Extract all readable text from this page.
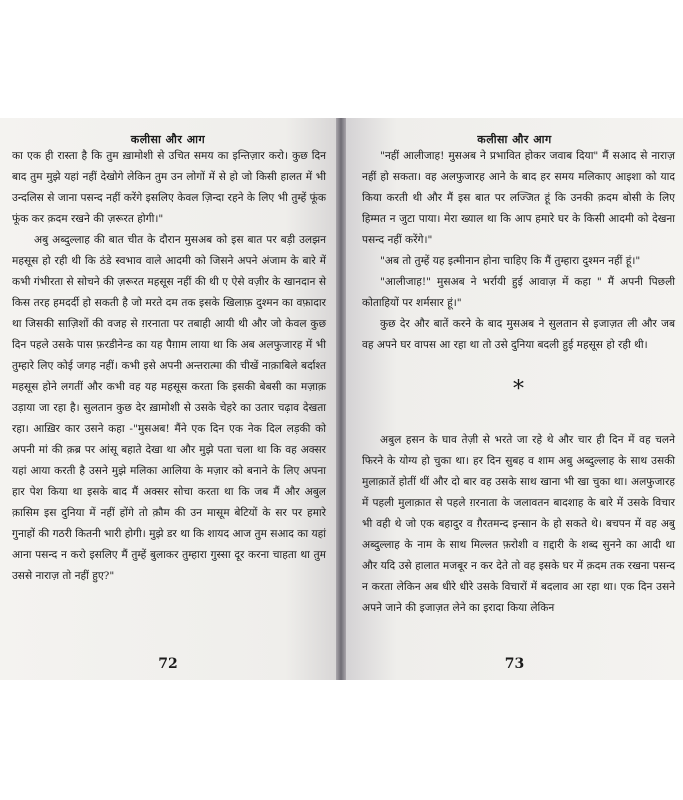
कलीसा और आग

का एक ही रास्ता है कि तुम ख़ामोशी से उचित समय का इन्तिज़ार करो। कुछ दिन बाद तुम मुझे यहां नहीं देखोगे लेकिन तुम उन लोगों में से हो जो किसी हालत में भी उन्दलिस से जाना पसन्द नहीं करेंगे इसलिए केवल ज़िन्दा रहने के लिए भी तुम्हें फूंक फूंक कर क़दम रखने की ज़रूरत होगी।"

अबु अब्दुल्लाह की बात चीत के दौरान मुसअब को इस बात पर बड़ी उलझन महसूस हो रही थी कि ठंडे स्वभाव वाले आदमी को जिसने अपने अंजाम के बारे में कभी गंभीरता से सोचने की ज़रूरत महसूस नहीं की थी ए ऐसे वज़ीर के खानदान से किस तरह हमदर्दी हो सकती है जो मरते दम तक इसके खिलाफ़ दुश्मन का वफ़ादार था जिसकी साज़िशों की वजह से ग़रनाता पर तबाही आयी थी और जो केवल कुछ दिन पहले उसके पास फ़रडीनेन्ड का यह पैग़ाम लाया था कि अब अलफुजारह में भी तुम्हारे लिए कोई जगह नहीं। कभी इसे अपनी अन्तरात्मा की चीखें नाक़ाबिले बर्दाश्त महसूस होने लगतीं और कभी वह यह महसूस करता कि इसकी बेबसी का मज़ाक़ उड़ाया जा रहा है। सुलतान कुछ देर ख़ामोशी से उसके चेहरे का उतार चढ़ाव देखता रहा। आख़िर कार उसने कहा -"मुसअब! मैंने एक दिन एक नेक दिल लड़की को अपनी मां की क़ब्र पर आंसू बहाते देखा था और मुझे पता चला था कि वह अक्सर यहां आया करती है उसने मुझे मलिका आलिया के मज़ार को बनाने के लिए अपना हार पेश किया था इसके बाद मैं अक्सर सोचा करता था कि जब मैं और अबुल क़ासिम इस दुनिया में नहीं होंगे तो क़ौम की उन मासूम बेटियों के सर पर हमारे गुनाहों की गठरी कितनी भारी होगी। मुझे डर था कि शायद आज तुम सआद का यहां आना पसन्द न करो इसलिए मैं तुम्हें बुलाकर तुम्हारा गुस्सा दूर करना चाहता था तुम उससे नाराज़ तो नहीं हुए?"

72
कलीसा और आग

"नहीं आलीजाह! मुसअब ने प्रभावित होकर जवाब दिया" मैं सआद से नाराज़ नहीं हो सकता। वह अलफुजारह आने के बाद हर समय मलिकाए आइशा को याद किया करती थी और मैं इस बात पर लज्जित हूं कि उनकी क़दम बोसी के लिए हिम्मत न जुटा पाया। मेरा ख्याल था कि आप हमारे घर के किसी आदमी को देखना पसन्द नहीं करेंगे।"

"अब तो तुम्हें यह इत्मीनान होना चाहिए कि मैं तुम्हारा दुश्मन नहीं हूं।"

"आलीजाह!" मुसअब ने भर्रायी हुई आवाज़ में कहा " मैं अपनी पिछली कोताहियों पर शर्मसार हूं।"

कुछ देर और बातें करने के बाद मुसअब ने सुलतान से इजाज़त ली और जब वह अपने घर वापस आ रहा था तो उसे दुनिया बदली हुई महसूस हो रही थी।

*

अबुल हसन के घाव तेज़ी से भरते जा रहे थे और चार ही दिन में वह चलने फिरने के योग्य हो चुका था। हर दिन सुबह व शाम अबु अब्दुल्लाह के साथ उसकी मुलाक़ातें होतीं थीं और दो बार वह उसके साथ खाना भी खा चुका था। अलफुजारह में पहली मुलाक़ात से पहले ग़रनाता के जलावतन बादशाह के बारे में उसके विचार भी वही थे जो एक बहादुर व ग़ैरतमन्द इन्सान के हो सकते थे। बचपन में वह अबु अब्दुल्लाह के नाम के साथ मिल्लत फ़रोशी व ग़द्दारी के शब्द सुनने का आदी था और यदि उसे हालात मजबूर न कर देते तो वह इसके घर में क़दम तक रखना पसन्द न करता लेकिन अब धीरे धीरे उसके विचारों में बदलाव आ रहा था। एक दिन उसने अपने जाने की इजाज़त लेने का इरादा किया लेकिन

73
